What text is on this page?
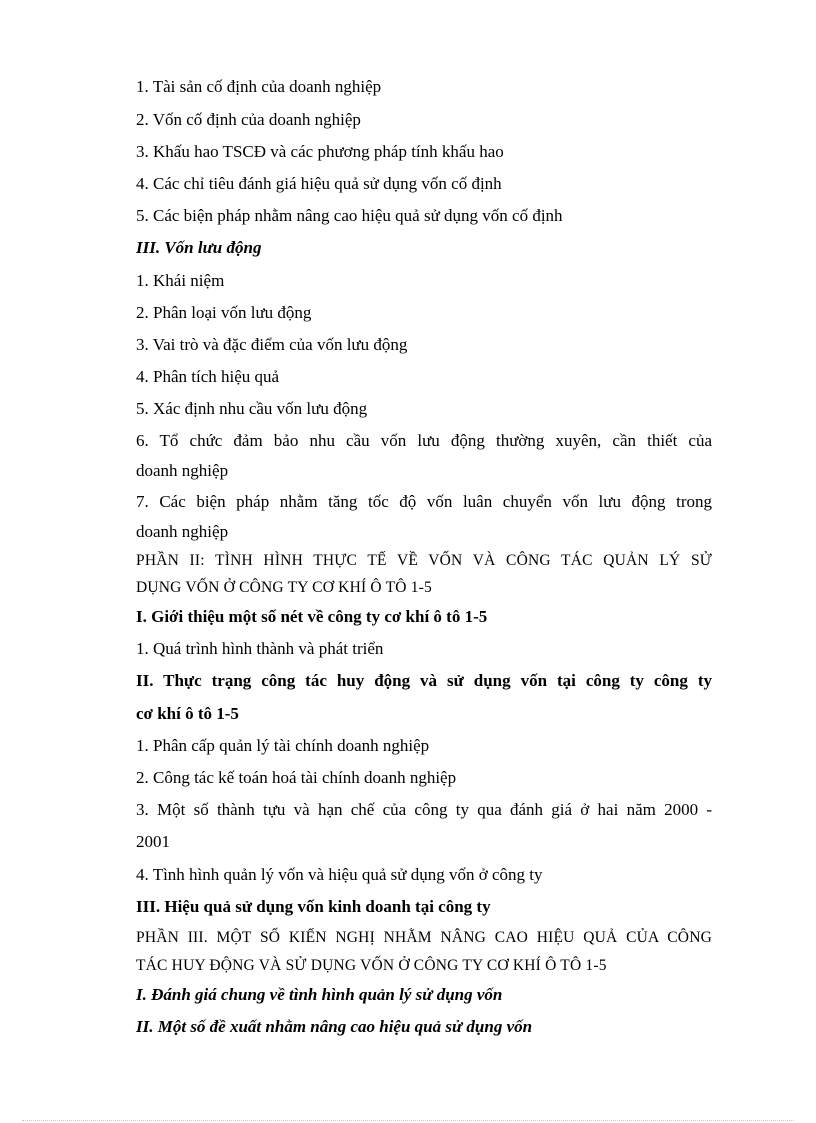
1. Tài sản cố định của doanh nghiệp
2. Vốn cố định của doanh nghiệp
3. Khấu hao TSCĐ và các phương pháp tính khấu hao
4. Các chỉ tiêu đánh giá hiệu quả sử dụng vốn cố định
5. Các biện pháp nhằm nâng cao hiệu quả sử dụng vốn cố định
III. Vốn lưu động
1. Khái niệm
2. Phân loại vốn lưu động
3. Vai trò và đặc điểm của vốn lưu động
4. Phân tích hiệu quả
5. Xác định nhu cầu vốn lưu động
6. Tổ chức đảm bảo nhu cầu vốn lưu động thường xuyên, cần thiết của
doanh nghiệp
7. Các biện pháp nhằm tăng tốc độ vốn luân chuyển vốn lưu động trong
doanh nghiệp
PHẦN II: TÌNH HÌNH THỰC TẾ VỀ VỐN VÀ CÔNG TÁC QUẢN LÝ SỬ
DỤNG VỐN Ở CÔNG TY CƠ KHÍ Ô TÔ 1-5
I. Giới thiệu một số nét về công ty cơ khí ô tô 1-5
1. Quá trình hình thành và phát triển
II. Thực trạng công tác huy động và sử dụng vốn tại công ty công ty
cơ khí ô tô 1-5
1. Phân cấp quản lý tài chính doanh nghiệp
2. Công tác kế toán hoá tài chính doanh nghiệp
3. Một số thành tựu và hạn chế của công ty qua đánh giá ở hai năm 2000 -
2001
4. Tình hình quản lý vốn và hiệu quả sử dụng vốn ở công ty
III. Hiệu quả sử dụng vốn kinh doanh tại công ty
PHẦN III. MỘT SỐ KIẾN NGHỊ NHẰM NÂNG CAO HIỆU QUẢ CỦA CÔNG
TÁC HUY ĐỘNG VÀ SỬ DỤNG VỐN Ở CÔNG TY CƠ KHÍ Ô TÔ 1-5
I. Đánh giá chung về tình hình quản lý sử dụng vốn
II. Một số đề xuất nhằm nâng cao hiệu quả sử dụng vốn
